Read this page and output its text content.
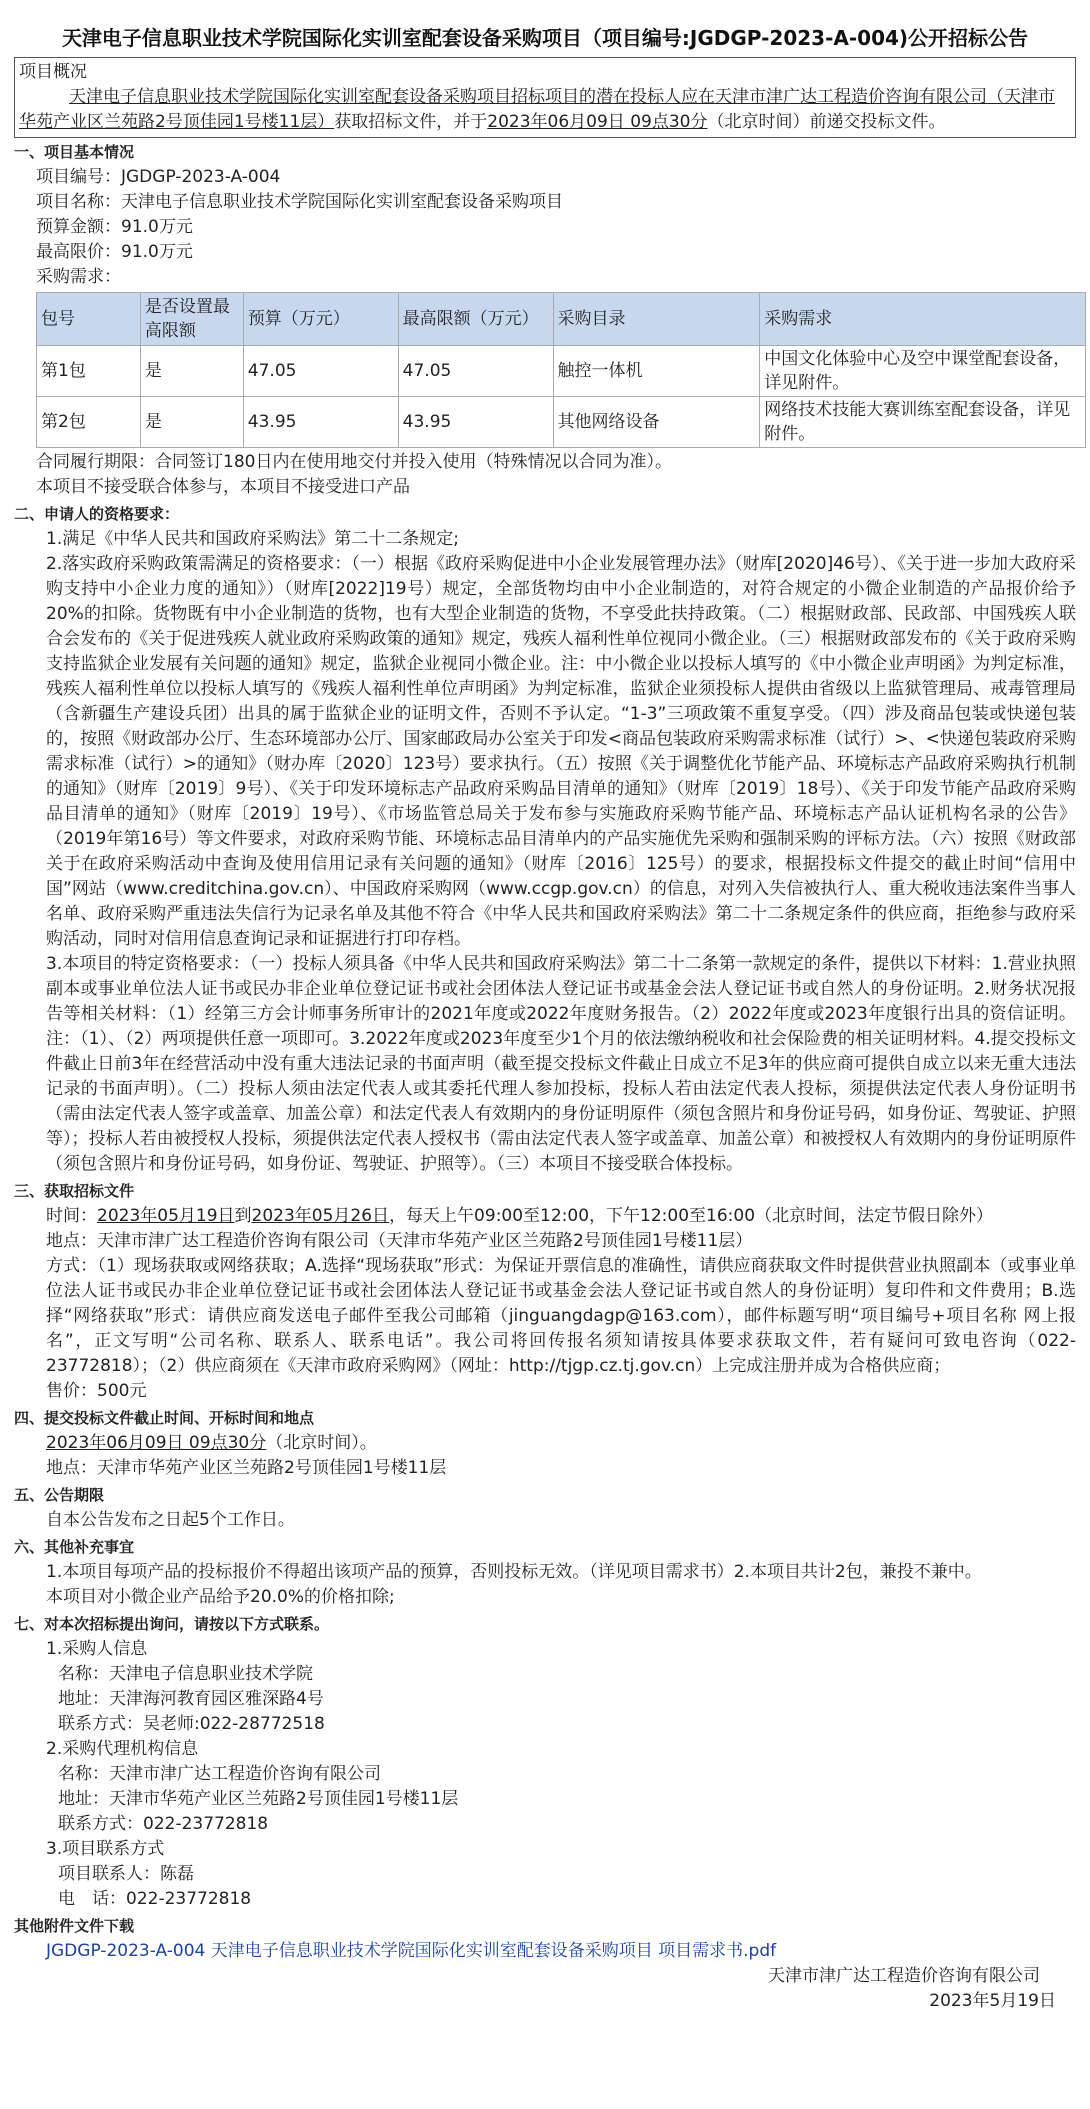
天津电子信息职业技术学院国际化实训室配套设备采购项目（项目编号:JGDGP-2023-A-004)公开招标公告
项目概况
天津电子信息职业技术学院国际化实训室配套设备采购项目招标项目的潜在投标人应在天津市津广达工程造价咨询有限公司（天津市华苑产业区兰苑路2号顶佳园1号楼11层）获取招标文件，并于2023年06月09日 09点30分（北京时间）前递交投标文件。
一、项目基本情况
项目编号：JGDGP-2023-A-004
项目名称：天津电子信息职业技术学院国际化实训室配套设备采购项目
预算金额：91.0万元
最高限价：91.0万元
采购需求：
包号	是否设置最高限额	预算（万元）	最高限额（万元）	采购目录	采购需求
第1包	是	47.05	47.05	触控一体机	中国文化体验中心及空中课堂配套设备，详见附件。
第2包	是	43.95	43.95	其他网络设备	网络技术技能大赛训练室配套设备，详见附件。
合同履行期限：合同签订180日内在使用地交付并投入使用（特殊情况以合同为准）。
本项目不接受联合体参与，本项目不接受进口产品
二、申请人的资格要求：
1.满足《中华人民共和国政府采购法》第二十二条规定;
2.落实政府采购政策需满足的资格要求：（一）根据《政府采购促进中小企业发展管理办法》（财库[2020]46号）、《关于进一步加大政府采购支持中小企业力度的通知》）（财库[2022]19号）规定，全部货物均由中小企业制造的，对符合规定的小微企业制造的产品报价给予20%的扣除。货物既有中小企业制造的货物，也有大型企业制造的货物，不享受此扶持政策。（二）根据财政部、民政部、中国残疾人联合会发布的《关于促进残疾人就业政府采购政策的通知》规定，残疾人福利性单位视同小微企业。（三）根据财政部发布的《关于政府采购支持监狱企业发展有关问题的通知》规定，监狱企业视同小微企业。注：中小微企业以投标人填写的《中小微企业声明函》为判定标准，残疾人福利性单位以投标人填写的《残疾人福利性单位声明函》为判定标准，监狱企业须投标人提供由省级以上监狱管理局、戒毒管理局（含新疆生产建设兵团）出具的属于监狱企业的证明文件，否则不予认定。“1-3”三项政策不重复享受。（四）涉及商品包装或快递包装的，按照《财政部办公厅、生态环境部办公厅、国家邮政局办公室关于印发<商品包装政府采购需求标准（试行）>、<快递包装政府采购需求标准（试行）>的通知》（财办库〔2020〕123号）要求执行。（五）按照《关于调整优化节能产品、环境标志产品政府采购执行机制的通知》（财库〔2019〕9号）、《关于印发环境标志产品政府采购品目清单的通知》（财库〔2019〕18号）、《关于印发节能产品政府采购品目清单的通知》（财库〔2019〕19号）、《市场监管总局关于发布参与实施政府采购节能产品、环境标志产品认证机构名录的公告》（2019年第16号）等文件要求，对政府采购节能、环境标志品目清单内的产品实施优先采购和强制采购的评标方法。（六）按照《财政部关于在政府采购活动中查询及使用信用记录有关问题的通知》（财库〔2016〕125号）的要求，根据投标文件提交的截止时间“信用中国”网站（www.creditchina.gov.cn）、中国政府采购网（www.ccgp.gov.cn）的信息，对列入失信被执行人、重大税收违法案件当事人名单、政府采购严重违法失信行为记录名单及其他不符合《中华人民共和国政府采购法》第二十二条规定条件的供应商，拒绝参与政府采购活动，同时对信用信息查询记录和证据进行打印存档。
3.本项目的特定资格要求：（一）投标人须具备《中华人民共和国政府采购法》第二十二条第一款规定的条件，提供以下材料：1.营业执照副本或事业单位法人证书或民办非企业单位登记证书或社会团体法人登记证书或基金会法人登记证书或自然人的身份证明。2.财务状况报告等相关材料：（1）经第三方会计师事务所审计的2021年度或2022年度财务报告。（2）2022年度或2023年度银行出具的资信证明。注：（1）、（2）两项提供任意一项即可。3.2022年度或2023年度至少1个月的依法缴纳税收和社会保险费的相关证明材料。4.提交投标文件截止日前3年在经营活动中没有重大违法记录的书面声明（截至提交投标文件截止日成立不足3年的供应商可提供自成立以来无重大违法记录的书面声明）。（二）投标人须由法定代表人或其委托代理人参加投标，投标人若由法定代表人投标，须提供法定代表人身份证明书（需由法定代表人签字或盖章、加盖公章）和法定代表人有效期内的身份证明原件（须包含照片和身份证号码，如身份证、驾驶证、护照等）；投标人若由被授权人投标，须提供法定代表人授权书（需由法定代表人签字或盖章、加盖公章）和被授权人有效期内的身份证明原件（须包含照片和身份证号码，如身份证、驾驶证、护照等）。（三）本项目不接受联合体投标。
三、获取招标文件
时间：2023年05月19日到2023年05月26日，每天上午09:00至12:00，下午12:00至16:00（北京时间，法定节假日除外）
地点：天津市津广达工程造价咨询有限公司（天津市华苑产业区兰苑路2号顶佳园1号楼11层）
方式：（1）现场获取或网络获取；A.选择“现场获取”形式：为保证开票信息的准确性，请供应商获取文件时提供营业执照副本（或事业单位法人证书或民办非企业单位登记证书或社会团体法人登记证书或基金会法人登记证书或自然人的身份证明）复印件和文件费用；B.选择“网络获取”形式：请供应商发送电子邮件至我公司邮箱（jinguangdagp@163.com），邮件标题写明“项目编号+项目名称 网上报名”，正文写明“公司名称、联系人、联系电话”。我公司将回传报名须知请按具体要求获取文件，若有疑问可致电咨询（022-23772818）；（2）供应商须在《天津市政府采购网》（网址：http://tjgp.cz.tj.gov.cn）上完成注册并成为合格供应商；
售价：500元
四、提交投标文件截止时间、开标时间和地点
2023年06月09日 09点30分（北京时间）。
地点：天津市华苑产业区兰苑路2号顶佳园1号楼11层
五、公告期限
自本公告发布之日起5个工作日。
六、其他补充事宜
1.本项目每项产品的投标报价不得超出该项产品的预算，否则投标无效。（详见项目需求书）2.本项目共计2包，兼投不兼中。
本项目对小微企业产品给予20.0%的价格扣除;
七、对本次招标提出询问，请按以下方式联系。
1.采购人信息
名称：天津电子信息职业技术学院
地址：天津海河教育园区雅深路4号
联系方式：吴老师:022-28772518
2.采购代理机构信息
名称：天津市津广达工程造价咨询有限公司
地址：天津市华苑产业区兰苑路2号顶佳园1号楼11层
联系方式：022-23772818
3.项目联系方式
项目联系人：陈磊
电　话：022-23772818
其他附件文件下载
JGDGP-2023-A-004 天津电子信息职业技术学院国际化实训室配套设备采购项目 项目需求书.pdf
天津市津广达工程造价咨询有限公司
2023年5月19日
